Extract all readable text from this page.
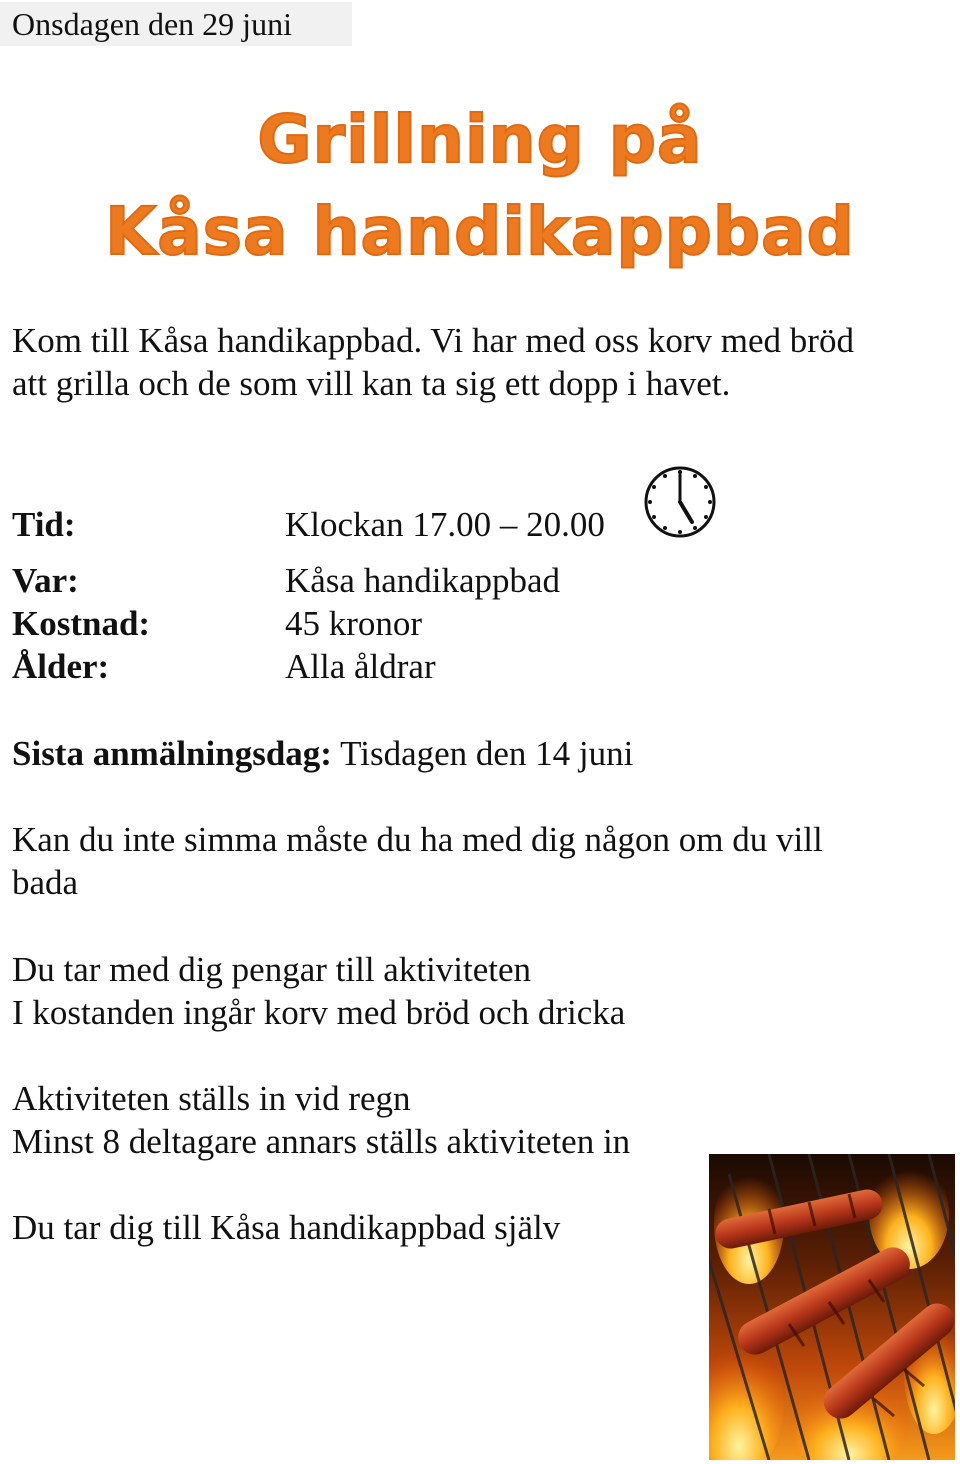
Onsdagen den 29 juni
Grillning på
Kåsa handikappbad

Kom till Kåsa handikappbad. Vi har med oss korv med bröd

att grilla och de som vill kan ta sig ett dopp i havet.

Tid:	Klockan 17.00 – 20.00
Var:	Kåsa handikappbad
Kostnad:	45 kronor
Ålder:	Alla åldrar

Sista anmälningsdag: Tisdagen den 14 juni

Kan du inte simma måste du ha med dig någon om du vill

bada

Du tar med dig pengar till aktiviteten

I kostanden ingår korv med bröd och dricka

Aktiviteten ställs in vid regn

Minst 8 deltagare annars ställs aktiviteten in

Du tar dig till Kåsa handikappbad själv
